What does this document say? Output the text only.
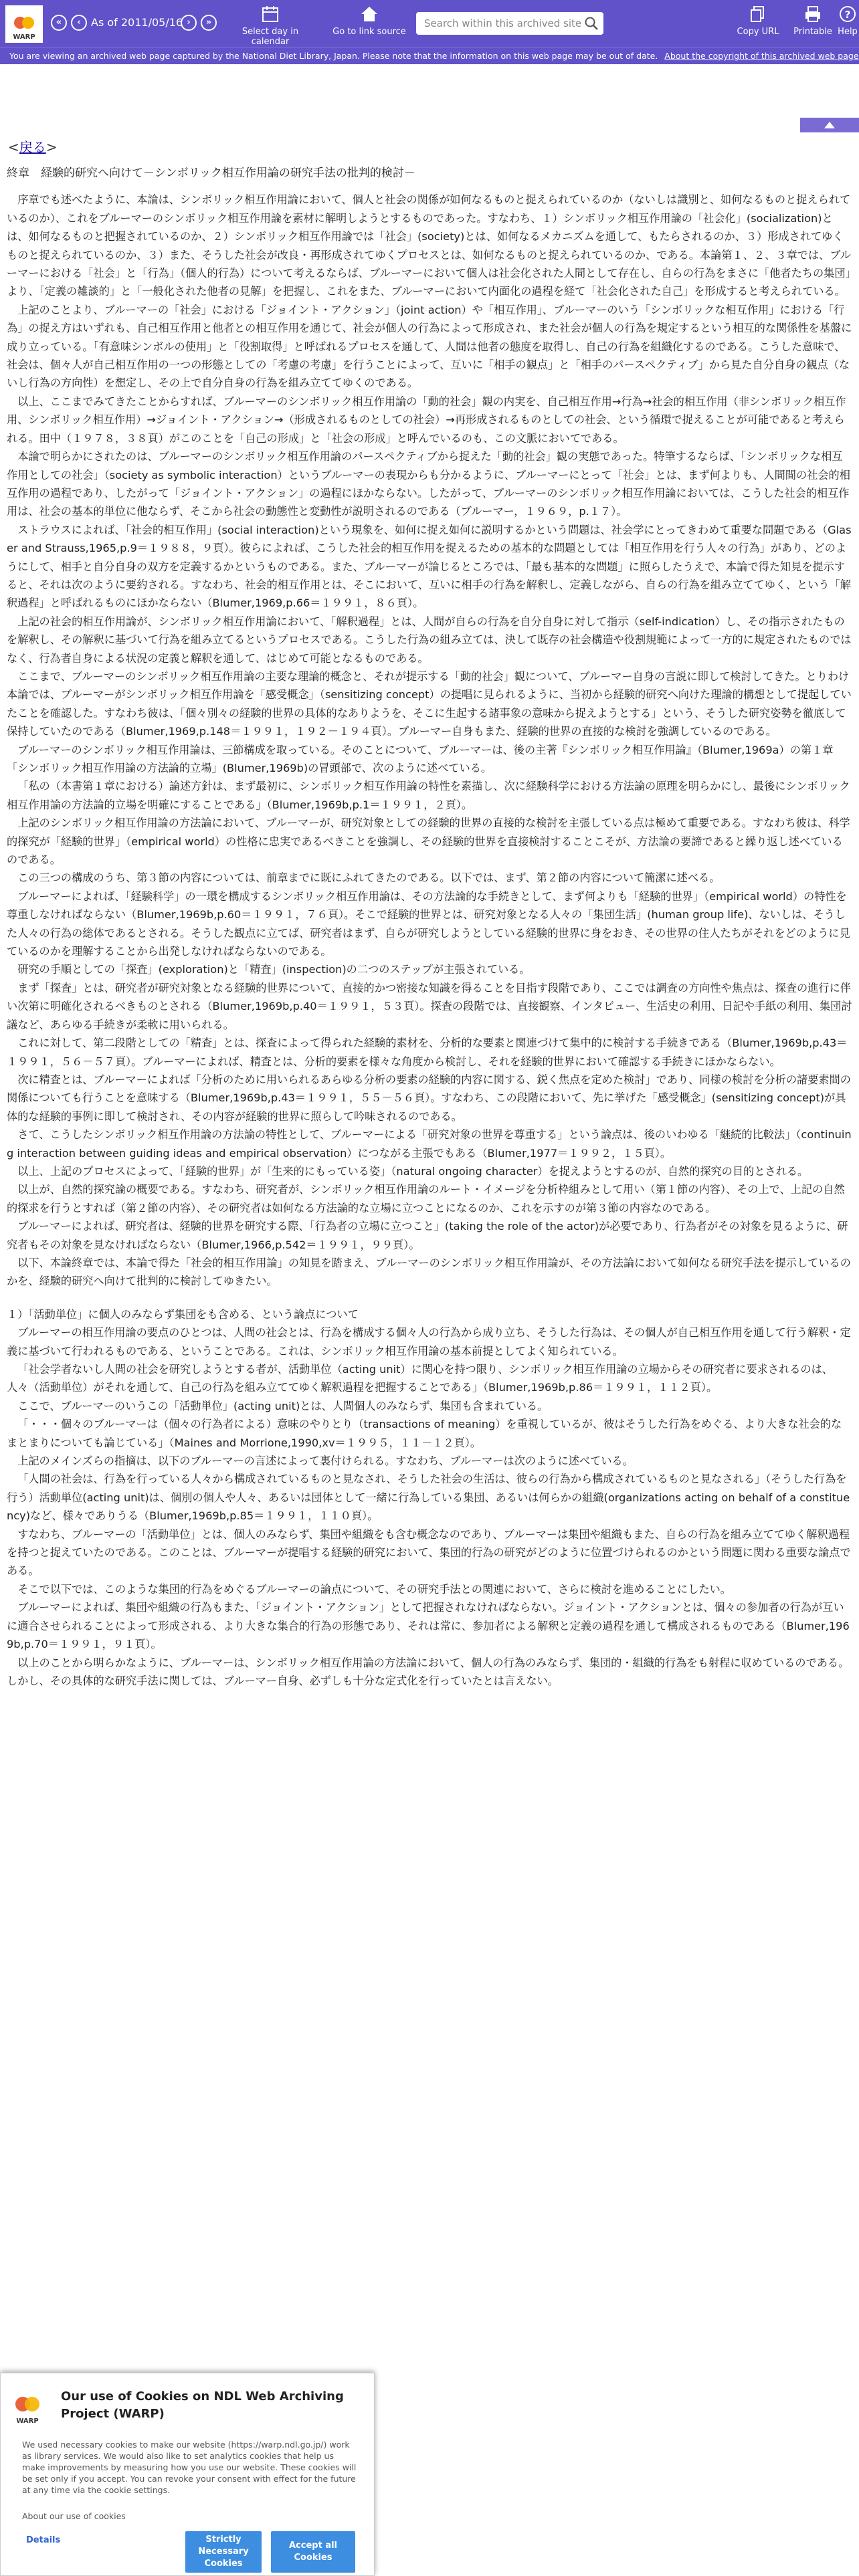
WARP
«	‹ As of 2011/05/16 ›	»
Select day in calendar
Go to link source
Search within this archived site
Copy URL	Printable
?
Help
You are viewing an archived web page captured by the National Diet Library, Japan. Please note that the information on this web page may be out of date. About the copyright of this archived web page
<戻る>
終章　経験的研究へ向けて－シンボリック相互作用論の研究手法の批判的検討－

序章でも述べたように、本論は、シンボリック相互作用論において、個人と社会の関係が如何なるものと捉えられているのか（ないしは識別と、如何なるものと捉えられているのか）、これをブルーマーのシンボリック相互作用論を素材に解明しようとするものであった。すなわち、１）シンボリック相互作用論の「社会化」(socialization)とは、如何なるものと把握されているのか、２）シンボリック相互作用論では「社会」(society)とは、如何なるメカニズムを通して、もたらされるのか、３）形成されてゆくものと捉えられているのか、３）また、そうした社会が改良・再形成されてゆくプロセスとは、如何なるものと捉えられているのか、である。本論第１、２、３章では、ブルーマーにおける「社会」と「行為」（個人的行為）について考えるならば、ブルーマーにおいて個人は社会化された人間として存在し、自らの行為をまさに「他者たちの集団」より、「定義の雑談的」と「一般化された他者の見解」を把握し、これをまた、ブルーマーにおいて内面化の過程を経て「社会化された自己」を形成すると考えられている。

上記のことより、ブルーマーの「社会」における「ジョイント・アクション」（joint action）や「相互作用」、ブルーマーのいう「シンボリックな相互作用」における「行為」の捉え方はいずれも、自己相互作用と他者との相互作用を通じて、社会が個人の行為によって形成され、また社会が個人の行為を規定するという相互的な関係性を基盤に成り立っている。「有意味シンボルの使用」と「役割取得」と呼ばれるプロセスを通して、人間は他者の態度を取得し、自己の行為を組織化するのである。こうした意味で、社会は、個々人が自己相互作用の一つの形態としての「考慮の考慮」を行うことによって、互いに「相手の観点」と「相手のパースペクティブ」から見た自分自身の観点（ないし行為の方向性）を想定し、その上で自分自身の行為を組み立ててゆくのである。

以上、ここまでみてきたことからすれば、ブルーマーのシンボリック相互作用論の「動的社会」観の内実を、自己相互作用→行為→社会的相互作用（非シンボリック相互作用、シンボリック相互作用）→ジョイント・アクション→（形成されるものとしての社会）→再形成されるものとしての社会、という循環で捉えることが可能であると考えられる。田中（１９７８，３８頁）がこのことを「自己の形成」と「社会の形成」と呼んでいるのも、この文脈においてである。

本論で明らかにされたのは、ブルーマーのシンボリック相互作用論のパースペクティブから捉えた「動的社会」観の実態であった。特筆するならば、「シンボリックな相互作用としての社会」（society as symbolic interaction）というブルーマーの表現からも分かるように、ブルーマーにとって「社会」とは、まず何よりも、人間間の社会的相互作用の過程であり、したがって「ジョイント・アクション」の過程にほかならない。したがって、ブルーマーのシンボリック相互作用論においては、こうした社会的相互作用は、社会の基本的単位に他ならず、そこから社会の動態性と変動性が説明されるのである（ブルーマー，１９６９，p.１７）。

ストラウスによれば、「社会的相互作用」(social interaction)という現象を、如何に捉え如何に説明するかという問題は、社会学にとってきわめて重要な問題である（Glaser and Strauss,1965,p.9＝１９８８，９頁）。彼らによれば、こうした社会的相互作用を捉えるための基本的な問題としては「相互作用を行う人々の行為」があり、どのようにして、相手と自分自身の双方を定義するかというものである。また、ブルーマーが論じるところでは、「最も基本的な問題」に照らしたうえで、本論で得た知見を提示すると、それは次のように要約される。すなわち、社会的相互作用とは、そこにおいて、互いに相手の行為を解釈し、定義しながら、自らの行為を組み立ててゆく、という「解釈過程」と呼ばれるものにほかならない（Blumer,1969,p.66＝１９９１，８６頁）。

上記の社会的相互作用論が、シンボリック相互作用論において、「解釈過程」とは、人間が自らの行為を自分自身に対して指示（self-indication）し、その指示されたものを解釈し、その解釈に基づいて行為を組み立てるというプロセスである。こうした行為の組み立ては、決して既存の社会構造や役割規範によって一方的に規定されたものではなく、行為者自身による状況の定義と解釈を通して、はじめて可能となるものである。

ここまで、ブルーマーのシンボリック相互作用論の主要な理論的概念と、それが提示する「動的社会」観について、ブルーマー自身の言説に即して検討してきた。とりわけ本論では、ブルーマーがシンボリック相互作用論を「感受概念」（sensitizing concept）の提唱に見られるように、当初から経験的研究へ向けた理論的構想として提起していたことを確認した。すなわち彼は、「個々別々の経験的世界の具体的なありようを、そこに生起する諸事象の意味から捉えようとする」という、そうした研究姿勢を徹底して保持していたのである（Blumer,1969,p.148＝１９９１，１９２－１９４頁）。ブルーマー自身もまた、経験的世界の直接的な検討を強調しているのである。

ブルーマーのシンボリック相互作用論は、三節構成を取っている。そのことについて、ブルーマーは、後の主著『シンボリック相互作用論』（Blumer,1969a）の第１章「シンボリック相互作用論の方法論的立場」(Blumer,1969b)の冒頭部で、次のように述べている。

「私の（本書第１章における）論述方針は、まず最初に、シンボリック相互作用論の特性を素描し、次に経験科学における方法論の原理を明らかにし、最後にシンボリック相互作用論の方法論的立場を明確にすることである」（Blumer,1969b,p.1＝１９９１，２頁）。

上記のシンボリック相互作用論の方法論において、ブルーマーが、研究対象としての経験的世界の直接的な検討を主張している点は極めて重要である。すなわち彼は、科学的探究が「経験的世界」（empirical world）の性格に忠実であるべきことを強調し、その経験的世界を直接検討することこそが、方法論の要諦であると繰り返し述べているのである。

この三つの構成のうち、第３節の内容については、前章までに既にふれてきたのである。以下では、まず、第２節の内容について簡潔に述べる。

ブルーマーによれば、「経験科学」の一環を構成するシンボリック相互作用論は、その方法論的な手続きとして、まず何よりも「経験的世界」（empirical world）の特性を尊重しなければならない（Blumer,1969b,p.60＝１９９１，７６頁）。そこで経験的世界とは、研究対象となる人々の「集団生活」(human group life)、ないしは、そうした人々の行為の総体であるとされる。そうした観点に立てば、研究者はまず、自らが研究しようとしている経験的世界に身をおき、その世界の住人たちがそれをどのように見ているのかを理解することから出発しなければならないのである。

研究の手順としての「探査」(exploration)と「精査」(inspection)の二つのステップが主張されている。

まず「探査」とは、研究者が研究対象となる経験的世界について、直接的かつ密接な知識を得ることを目指す段階であり、ここでは調査の方向性や焦点は、探査の進行に伴い次第に明確化されるべきものとされる（Blumer,1969b,p.40＝１９９１，５３頁）。探査の段階では、直接観察、インタビュー、生活史の利用、日記や手紙の利用、集団討議など、あらゆる手続きが柔軟に用いられる。

これに対して、第二段階としての「精査」とは、探査によって得られた経験的素材を、分析的な要素と関連づけて集中的に検討する手続きである（Blumer,1969b,p.43＝１９９１，５６－５７頁）。ブルーマーによれば、精査とは、分析的要素を様々な角度から検討し、それを経験的世界において確認する手続きにほかならない。

次に精査とは、ブルーマーによれば「分析のために用いられるあらゆる分析の要素の経験的内容に関する、鋭く焦点を定めた検討」であり、同様の検討を分析の諸要素間の関係についても行うことを意味する（Blumer,1969b,p.43＝１９９１，５５－５６頁）。すなわち、この段階において、先に挙げた「感受概念」(sensitizing concept)が具体的な経験的事例に即して検討され、その内容が経験的世界に照らして吟味されるのである。

さて、こうしたシンボリック相互作用論の方法論の特性として、ブルーマーによる「研究対象の世界を尊重する」という論点は、後のいわゆる「継続的比較法」（continuing interaction between guiding ideas and empirical observation）につながる主張でもある（Blumer,1977＝１９９２，１５頁）。

以上、上記のプロセスによって、「経験的世界」が「生来的にもっている姿」（natural ongoing character）を捉えようとするのが、自然的探究の目的とされる。

以上が、自然的探究論の概要である。すなわち、研究者が、シンボリック相互作用論のルート・イメージを分析枠組みとして用い（第１節の内容）、その上で、上記の自然的探求を行うとすれば（第２節の内容）、その研究者は如何なる方法論的な立場に立つことになるのか、これを示すのが第３節の内容なのである。

ブルーマーによれば、研究者は、経験的世界を研究する際、「行為者の立場に立つこと」(taking the role of the actor)が必要であり、行為者がその対象を見るように、研究者もその対象を見なければならない（Blumer,1966,p.542＝１９９１，９９頁）。

以下、本論終章では、本論で得た「社会的相互作用論」の知見を踏まえ、ブルーマーのシンボリック相互作用論が、その方法論において如何なる研究手法を提示しているのかを、経験的研究へ向けて批判的に検討してゆきたい。

１）「活動単位」に個人のみならず集団をも含める、という論点について

ブルーマーの相互作用論の要点のひとつは、人間の社会とは、行為を構成する個々人の行為から成り立ち、そうした行為は、その個人が自己相互作用を通して行う解釈・定義に基づいて行われるものである、ということである。これは、シンボリック相互作用論の基本前提としてよく知られている。

「社会学者ないし人間の社会を研究しようとする者が、活動単位（acting unit）に関心を持つ限り、シンボリック相互作用論の立場からその研究者に要求されるのは、人々（活動単位）がそれを通して、自己の行為を組み立ててゆく解釈過程を把握することである」（Blumer,1969b,p.86＝１９９１，１１２頁）。

ここで、ブルーマーのいうこの「活動単位」(acting unit)とは、人間個人のみならず、集団も含まれている。

「・・・個々のブルーマーは（個々の行為者による）意味のやりとり（transactions of meaning）を重視しているが、彼はそうした行為をめぐる、より大きな社会的なまとまりについても論じている」（Maines and Morrione,1990,xv＝１９９５，１１－１２頁）。

上記のメインズらの指摘は、以下のブルーマーの言述によって裏付けられる。すなわち、ブルーマーは次のように述べている。

「人間の社会は、行為を行っている人々から構成されているものと見なされ、そうした社会の生活は、彼らの行為から構成されているものと見なされる」（そうした行為を行う）活動単位(acting unit)は、個別の個人や人々、あるいは団体として一緒に行為している集団、あるいは何らかの組織(organizations acting on behalf of a constituency)など、様々でありうる（Blumer,1969b,p.85＝１９９１，１１０頁）。

すなわち、ブルーマーの「活動単位」とは、個人のみならず、集団や組織をも含む概念なのであり、ブルーマーは集団や組織もまた、自らの行為を組み立ててゆく解釈過程を持つと捉えていたのである。このことは、ブルーマーが提唱する経験的研究において、集団的行為の研究がどのように位置づけられるのかという問題に関わる重要な論点である。

そこで以下では、このような集団的行為をめぐるブルーマーの論点について、その研究手法との関連において、さらに検討を進めることにしたい。

ブルーマーによれば、集団や組織の行為もまた、「ジョイント・アクション」として把握されなければならない。ジョイント・アクションとは、個々の参加者の行為が互いに適合させられることによって形成される、より大きな集合的行為の形態であり、それは常に、参加者による解釈と定義の過程を通して構成されるものである（Blumer,1969b,p.70＝１９９１，９１頁）。

以上のことから明らかなように、ブルーマーは、シンボリック相互作用論の方法論において、個人の行為のみならず、集団的・組織的行為をも射程に収めているのである。しかし、その具体的な研究手法に関しては、ブルーマー自身、必ずしも十分な定式化を行っていたとは言えない。

WARP
Our use of Cookies on NDL Web Archiving Project (WARP)
We used necessary cookies to make our website (https://warp.ndl.go.jp/) work as library services. We would also like to set analytics cookies that help us make improvements by measuring how you use our website. These cookies will be set only if you accept. You can revoke your consent with effect for the future at any time via the cookie settings.
About our use of cookies
Details	Strictly Necessary Cookies
Accept all Cookies
